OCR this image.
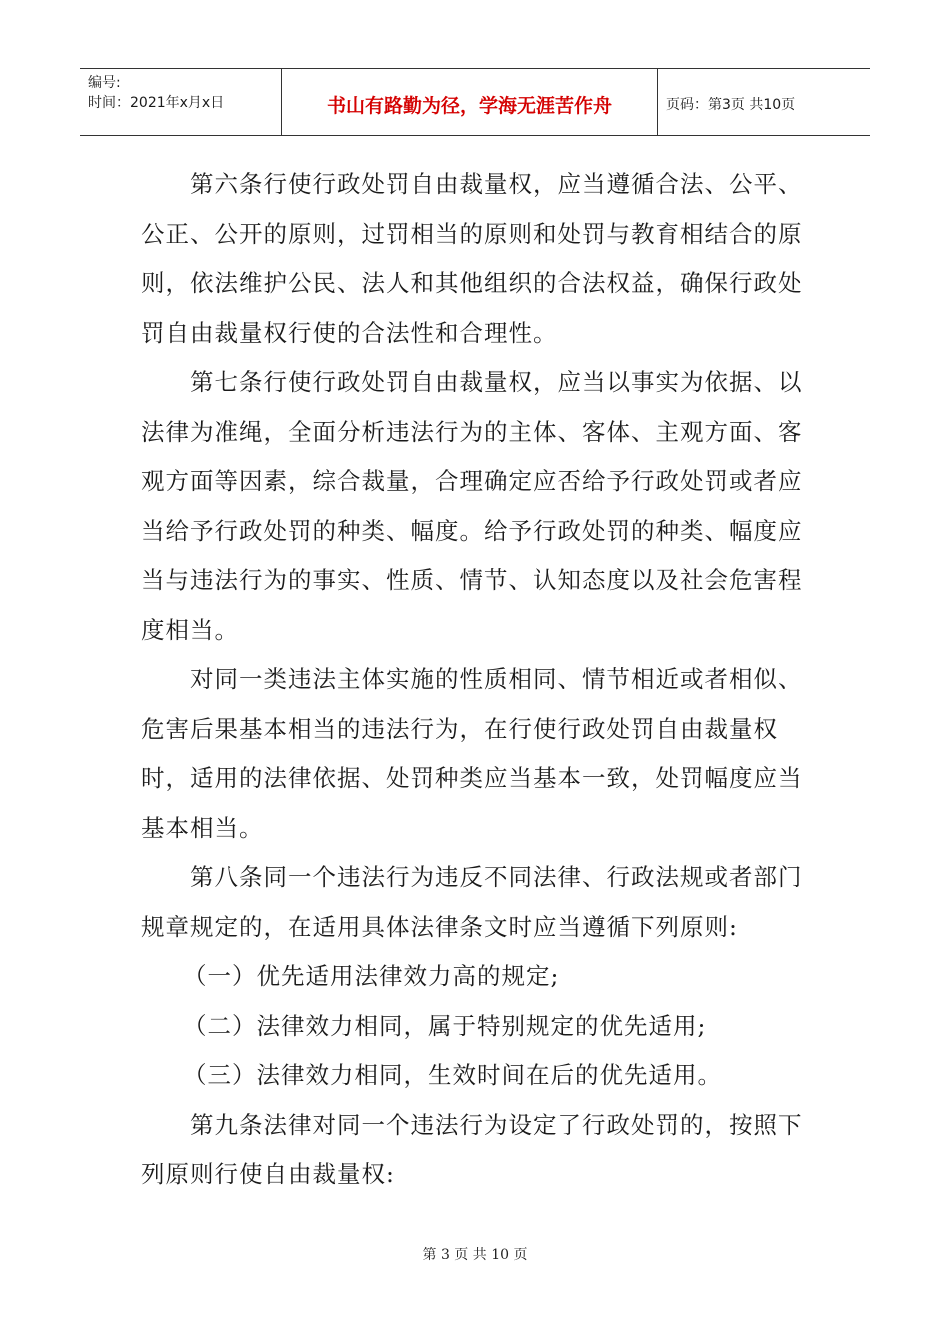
编号:
时间：2021年x月x日	书山有路勤为径，学海无涯苦作舟	页码：第3页 共10页

第六条行使行政处罚自由裁量权，应当遵循合法、公平、公正、公开的原则，过罚相当的原则和处罚与教育相结合的原则，依法维护公民、法人和其他组织的合法权益，确保行政处罚自由裁量权行使的合法性和合理性。

第七条行使行政处罚自由裁量权，应当以事实为依据、以法律为准绳，全面分析违法行为的主体、客体、主观方面、客观方面等因素，综合裁量，合理确定应否给予行政处罚或者应当给予行政处罚的种类、幅度。给予行政处罚的种类、幅度应当与违法行为的事实、性质、情节、认知态度以及社会危害程度相当。

对同一类违法主体实施的性质相同、情节相近或者相似、危害后果基本相当的违法行为，在行使行政处罚自由裁量权时，适用的法律依据、处罚种类应当基本一致，处罚幅度应当基本相当。

第八条同一个违法行为违反不同法律、行政法规或者部门规章规定的，在适用具体法律条文时应当遵循下列原则:

（一）优先适用法律效力高的规定;

（二）法律效力相同，属于特别规定的优先适用;

（三）法律效力相同，生效时间在后的优先适用。

第九条法律对同一个违法行为设定了行政处罚的，按照下列原则行使自由裁量权:

第 3 页 共 10 页
